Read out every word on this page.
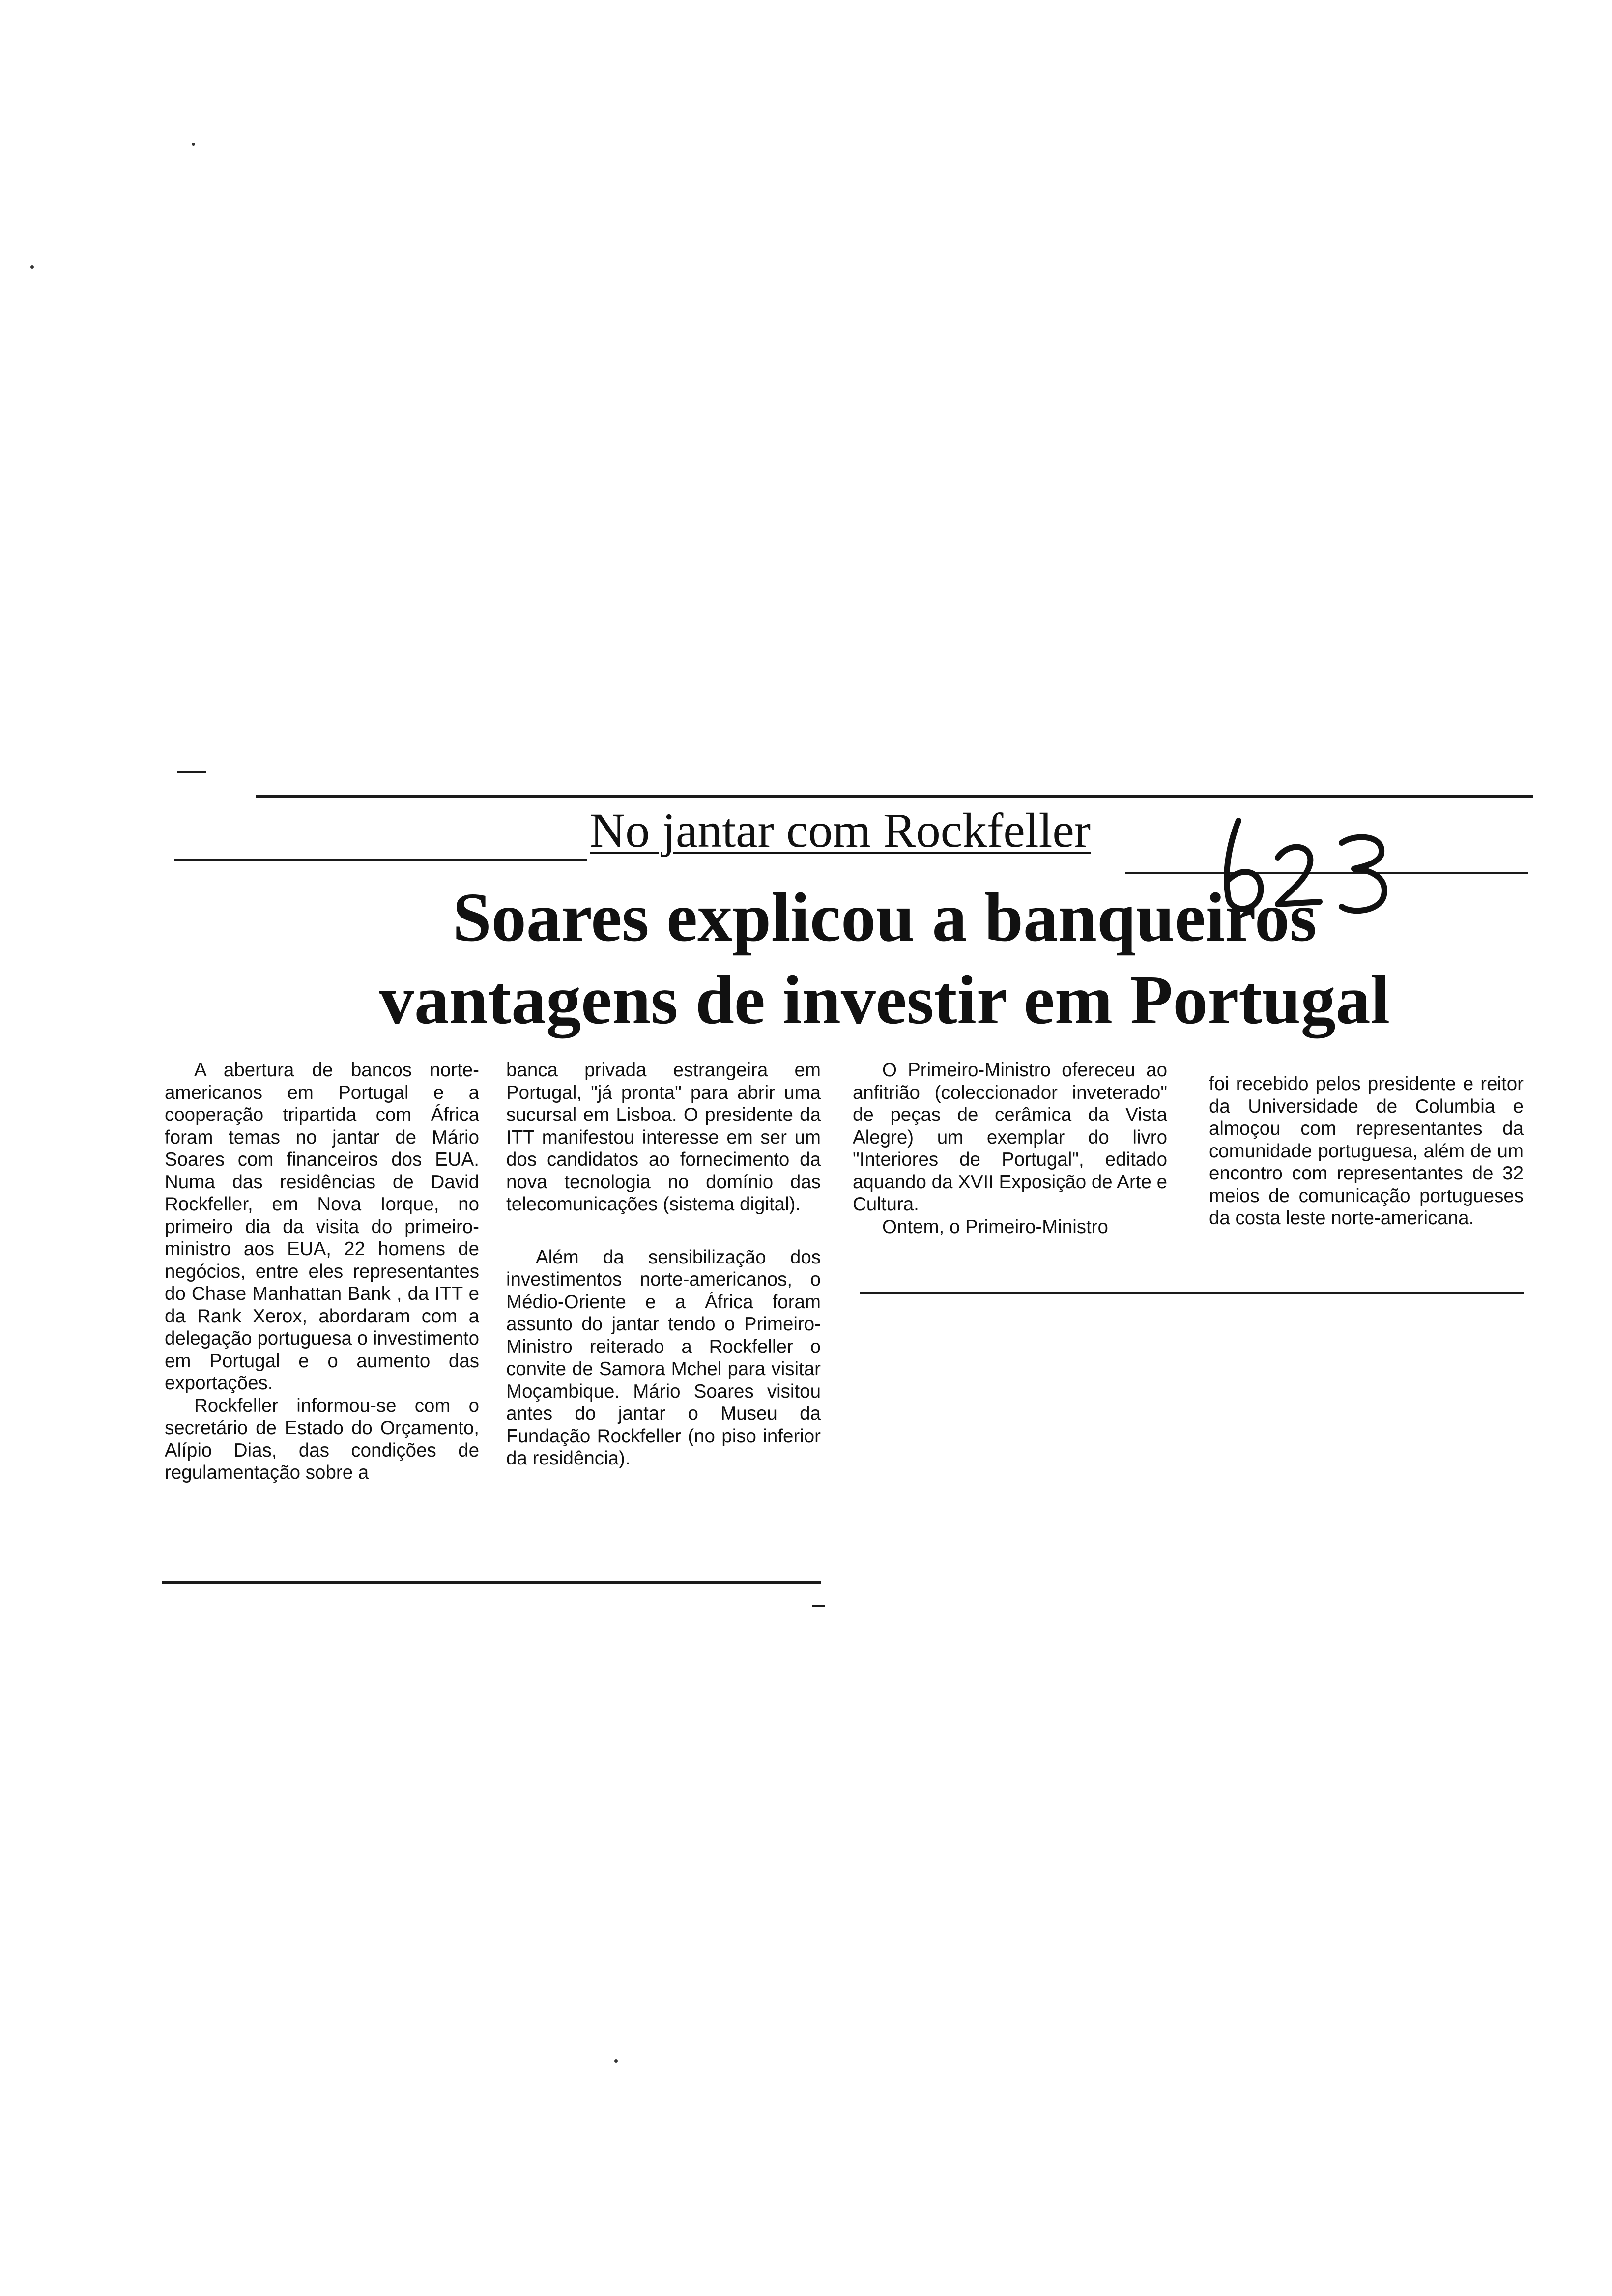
No jantar com Rockfeller
Soares explicou a banqueiros
vantagens de investir em Portugal

A abertura de bancos norte-americanos em Portugal e a cooperação tripartida com África foram temas no jantar de Mário Soares com financeiros dos EUA. Numa das residências de David Rockfeller, em Nova Iorque, no primeiro dia da visita do primeiro-ministro aos EUA, 22 homens de negócios, entre eles representantes do Chase Manhattan Bank , da ITT e da Rank Xerox, abordaram com a delegação portuguesa o investimento em Portugal e o aumento das exportações.

Rockfeller informou-se com o secretário de Estado do Orçamento, Alípio Dias, das condições de regulamentação sobre a

banca privada estrangeira em Portugal, "já pronta" para abrir uma sucursal em Lisboa. O presidente da ITT manifestou interesse em ser um dos candidatos ao fornecimento da nova tecnologia no domínio das telecomunicações (sistema digital).

Além da sensibilização dos investimentos norte-americanos, o Médio-Oriente e a África foram assunto do jantar tendo o Primeiro-Ministro reiterado a Rockfeller o convite de Samora Mchel para visitar Moçambique. Mário Soares visitou antes do jantar o Museu da Fundação Rockfeller (no piso inferior da residência).

O Primeiro-Ministro ofereceu ao anfitrião (coleccionador inveterado" de peças de cerâmica da Vista Alegre) um exemplar do livro "Interiores de Portugal", editado aquando da XVII Exposição de Arte e Cultura.

Ontem, o Primeiro-Ministro

foi recebido pelos presidente e reitor da Universidade de Columbia e almoçou com representantes da comunidade portuguesa, além de um encontro com representantes de 32 meios de comunicação portugueses da costa leste norte-americana.
